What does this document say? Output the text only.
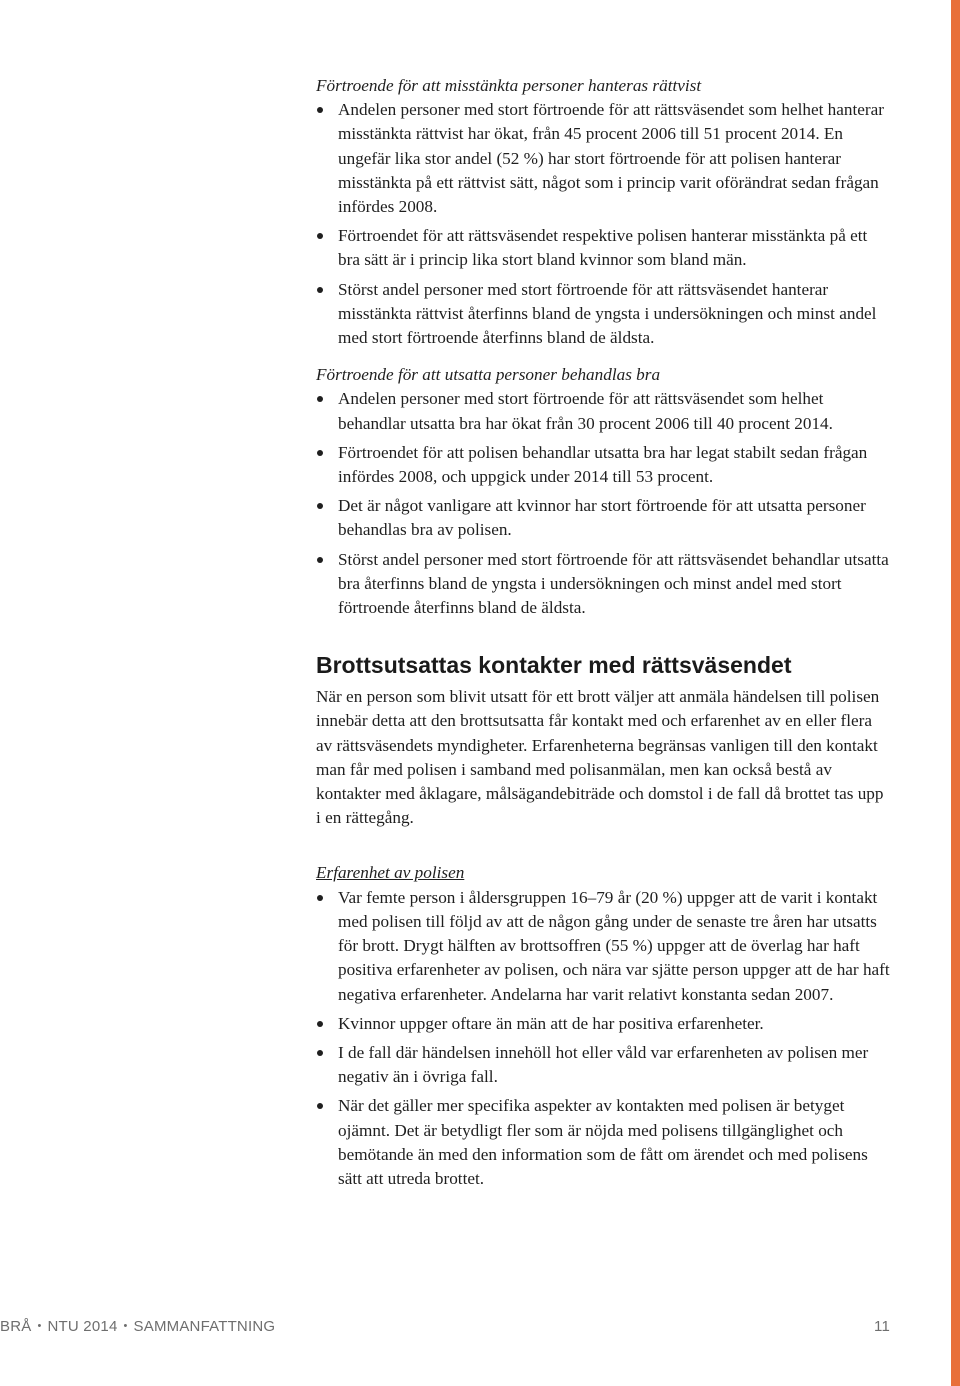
Förtroende för att misstänkta personer hanteras rättvist

Andelen personer med stort förtroende för att rättsväsendet som helhet hanterar misstänkta rättvist har ökat, från 45 procent 2006 till 51 procent 2014. En ungefär lika stor andel (52 %) har stort förtroende för att polisen hanterar misstänkta på ett rättvist sätt, något som i princip varit oförändrat sedan frågan infördes 2008.
Förtroendet för att rättsväsendet respektive polisen hanterar misstänkta på ett bra sätt är i princip lika stort bland kvinnor som bland män.
Störst andel personer med stort förtroende för att rättsväsendet hanterar misstänkta rättvist återfinns bland de yngsta i undersökningen och minst andel med stort förtroende återfinns bland de äldsta.

Förtroende för att utsatta personer behandlas bra

Andelen personer med stort förtroende för att rättsväsendet som helhet behandlar utsatta bra har ökat från 30 procent 2006 till 40 procent 2014.
Förtroendet för att polisen behandlar utsatta bra har legat stabilt sedan frågan infördes 2008, och uppgick under 2014 till 53 procent.
Det är något vanligare att kvinnor har stort förtroende för att utsatta personer behandlas bra av polisen.
Störst andel personer med stort förtroende för att rättsväsendet behandlar utsatta bra återfinns bland de yngsta i undersökningen och minst andel med stort förtroende återfinns bland de äldsta.
Brottsutsattas kontakter med rättsväsendet

När en person som blivit utsatt för ett brott väljer att anmäla händelsen till polisen innebär detta att den brottsutsatta får kontakt med och erfarenhet av en eller flera av rättsväsendets myndigheter. Erfarenheterna begränsas vanligen till den kontakt man får med polisen i samband med polisanmälan, men kan också bestå av kontakter med åklagare, målsägandebiträde och domstol i de fall då brottet tas upp i en rättegång.

Erfarenhet av polisen

Var femte person i åldersgruppen 16–79 år (20 %) uppger att de varit i kontakt med polisen till följd av att de någon gång under de senaste tre åren har utsatts för brott. Drygt hälften av brottsoffren (55 %) uppger att de överlag har haft positiva erfarenheter av polisen, och nära var sjätte person uppger att de har haft negativa erfarenheter. Andelarna har varit relativt konstanta sedan 2007.
Kvinnor uppger oftare än män att de har positiva erfarenheter.
I de fall där händelsen innehöll hot eller våld var erfarenheten av polisen mer negativ än i övriga fall.
När det gäller mer specifika aspekter av kontakten med polisen är betyget ojämnt. Det är betydligt fler som är nöjda med polisens tillgänglighet och bemötande än med den information som de fått om ärendet och med polisens sätt att utreda brottet.
BRÅ • NTU 2014 • SAMMANFATTNING	11
